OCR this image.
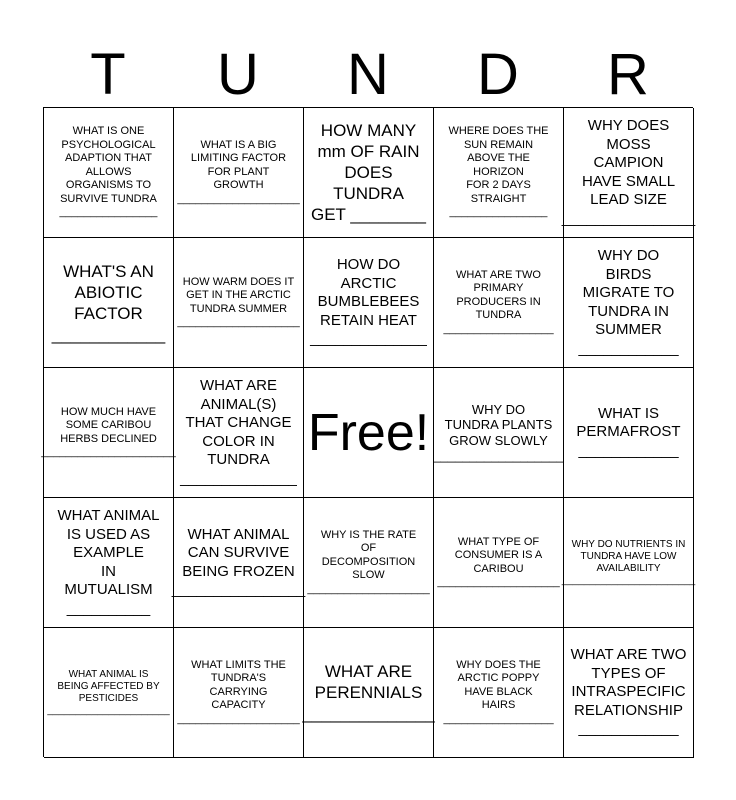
T	U	N	D	R
WHAT IS ONE
PSYCHOLOGICAL
ADAPTION THAT
ALLOWS
ORGANISMS TO
SURVIVE TUNDRA
________________
WHAT IS A BIG
LIMITING FACTOR
FOR PLANT
GROWTH
____________________
HOW MANY
mm OF RAIN
DOES
TUNDRA
GET ________
WHERE DOES THE
SUN REMAIN
ABOVE THE
HORIZON
FOR 2 DAYS
STRAIGHT
________________
WHY DOES
MOSS
CAMPION
HAVE SMALL
LEAD SIZE
________________
WHAT'S AN
ABIOTIC
FACTOR
____________
HOW WARM DOES IT
GET IN THE ARCTIC
TUNDRA SUMMER
____________________
HOW DO
ARCTIC
BUMBLEBEES
RETAIN HEAT
______________
WHAT ARE TWO
PRIMARY
PRODUCERS IN
TUNDRA
__________________
WHY DO
BIRDS
MIGRATE TO
TUNDRA IN
SUMMER
____________
HOW MUCH HAVE
SOME CARIBOU
HERBS DECLINED
______________________
WHAT ARE
ANIMAL(S)
THAT CHANGE
COLOR IN
TUNDRA
______________
Free!	WHY DO
TUNDRA PLANTS
GROW SLOWLY
__________________
WHAT IS
PERMAFROST
____________
WHAT ANIMAL
IS USED AS
EXAMPLE
IN
MUTUALISM
__________
WHAT ANIMAL
CAN SURVIVE
BEING FROZEN
________________
WHY IS THE RATE
OF
DECOMPOSITION
SLOW
____________________
WHAT TYPE OF
CONSUMER IS A
CARIBOU
____________________
WHY DO NUTRIENTS IN
TUNDRA HAVE LOW
AVAILABILITY
________________________
WHAT ANIMAL IS
BEING AFFECTED BY
PESTICIDES
______________________
WHAT LIMITS THE
TUNDRA'S
CARRYING
CAPACITY
____________________
WHAT ARE
PERENNIALS
______________
WHY DOES THE
ARCTIC POPPY
HAVE BLACK
HAIRS
__________________
WHAT ARE TWO
TYPES OF
INTRASPECIFIC
RELATIONSHIP
____________
